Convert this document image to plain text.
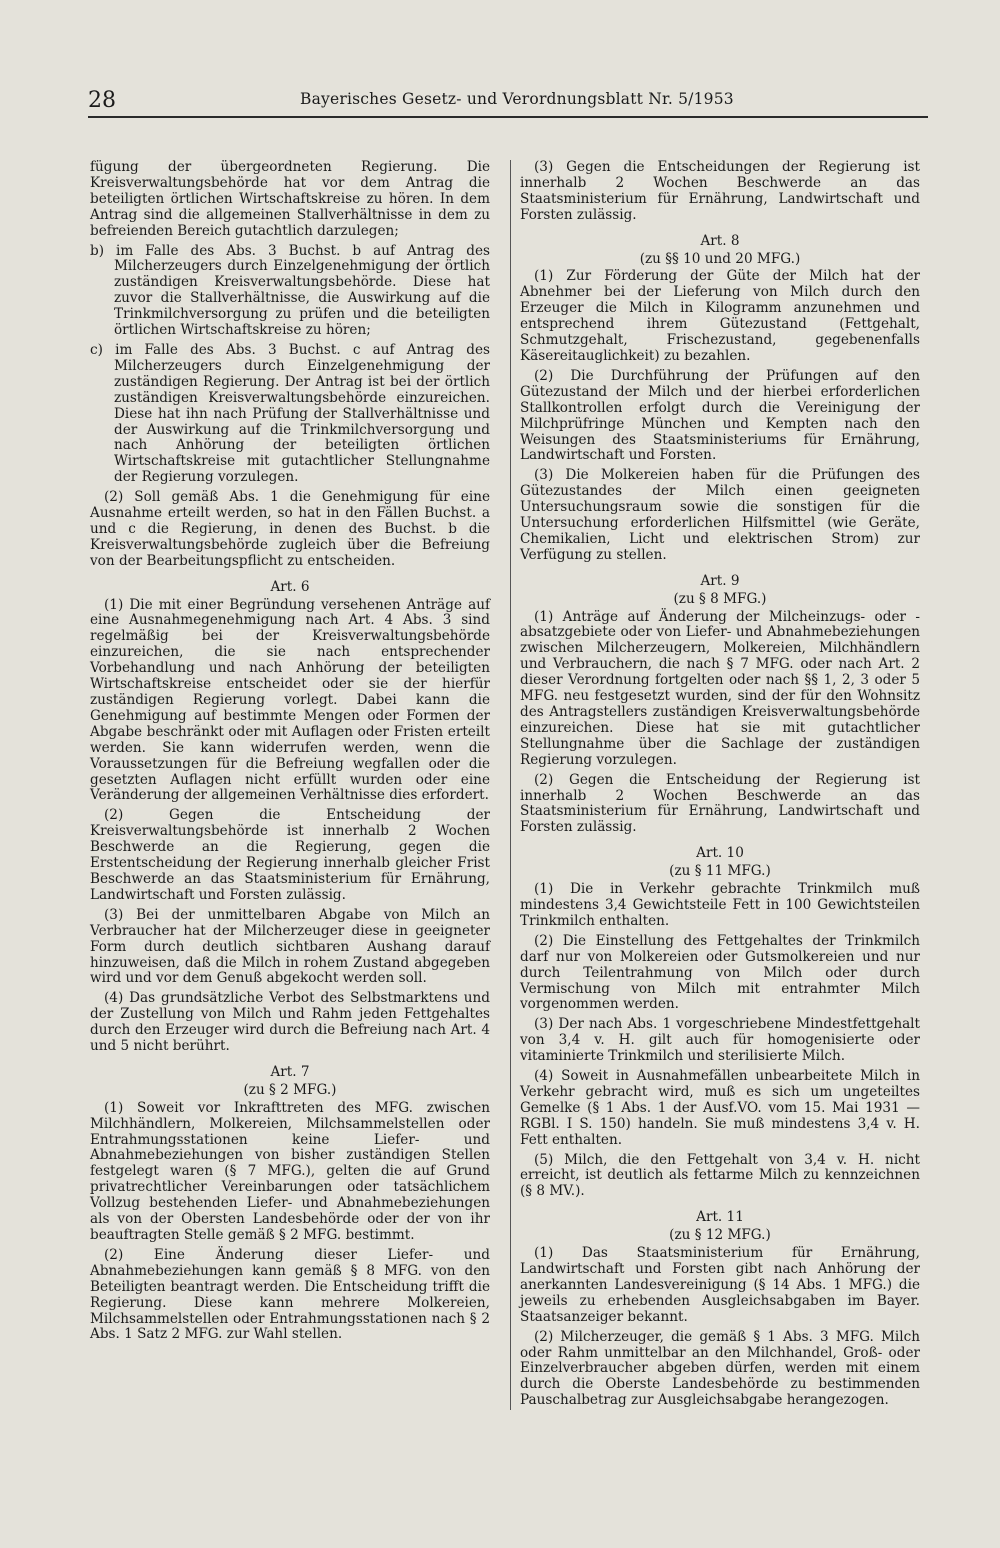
28	Bayerisches Gesetz- und Verordnungsblatt Nr. 5/1953

fügung der übergeordneten Regierung. Die Kreisverwaltungsbehörde hat vor dem Antrag die beteiligten örtlichen Wirtschaftskreise zu hören. In dem Antrag sind die allgemeinen Stallverhältnisse in dem zu befreienden Bereich gutachtlich darzulegen;

b) im Falle des Abs. 3 Buchst. b auf Antrag des Milcherzeugers durch Einzelgenehmigung der örtlich zuständigen Kreisverwaltungsbehörde. Diese hat zuvor die Stallverhältnisse, die Auswirkung auf die Trinkmilchversorgung zu prüfen und die beteiligten örtlichen Wirtschaftskreise zu hören;

c) im Falle des Abs. 3 Buchst. c auf Antrag des Milcherzeugers durch Einzelgenehmigung der zuständigen Regierung. Der Antrag ist bei der örtlich zuständigen Kreisverwaltungsbehörde einzureichen. Diese hat ihn nach Prüfung der Stallverhältnisse und der Auswirkung auf die Trinkmilchversorgung und nach Anhörung der beteiligten örtlichen Wirtschaftskreise mit gutachtlicher Stellungnahme der Regierung vorzulegen.

(2) Soll gemäß Abs. 1 die Genehmigung für eine Ausnahme erteilt werden, so hat in den Fällen Buchst. a und c die Regierung, in denen des Buchst. b die Kreisverwaltungsbehörde zugleich über die Befreiung von der Bearbeitungspflicht zu entscheiden.

Art. 6

(1) Die mit einer Begründung versehenen Anträge auf eine Ausnahmegenehmigung nach Art. 4 Abs. 3 sind regelmäßig bei der Kreisverwaltungsbehörde einzureichen, die sie nach entsprechender Vorbehandlung und nach Anhörung der beteiligten Wirtschaftskreise entscheidet oder sie der hierfür zuständigen Regierung vorlegt. Dabei kann die Genehmigung auf bestimmte Mengen oder Formen der Abgabe beschränkt oder mit Auflagen oder Fristen erteilt werden. Sie kann widerrufen werden, wenn die Voraussetzungen für die Befreiung wegfallen oder die gesetzten Auflagen nicht erfüllt wurden oder eine Veränderung der allgemeinen Verhältnisse dies erfordert.

(2) Gegen die Entscheidung der Kreisverwaltungsbehörde ist innerhalb 2 Wochen Beschwerde an die Regierung, gegen die Erstentscheidung der Regierung innerhalb gleicher Frist Beschwerde an das Staatsministerium für Ernährung, Landwirtschaft und Forsten zulässig.

(3) Bei der unmittelbaren Abgabe von Milch an Verbraucher hat der Milcherzeuger diese in geeigneter Form durch deutlich sichtbaren Aushang darauf hinzuweisen, daß die Milch in rohem Zustand abgegeben wird und vor dem Genuß abgekocht werden soll.

(4) Das grundsätzliche Verbot des Selbstmarktens und der Zustellung von Milch und Rahm jeden Fettgehaltes durch den Erzeuger wird durch die Befreiung nach Art. 4 und 5 nicht berührt.

Art. 7
(zu § 2 MFG.)

(1) Soweit vor Inkrafttreten des MFG. zwischen Milchhändlern, Molkereien, Milchsammelstellen oder Entrahmungsstationen keine Liefer- und Abnahmebeziehungen von bisher zuständigen Stellen festgelegt waren (§ 7 MFG.), gelten die auf Grund privatrechtlicher Vereinbarungen oder tatsächlichem Vollzug bestehenden Liefer- und Abnahmebeziehungen als von der Obersten Landesbehörde oder der von ihr beauftragten Stelle gemäß § 2 MFG. bestimmt.

(2) Eine Änderung dieser Liefer- und Abnahmebeziehungen kann gemäß § 8 MFG. von den Beteiligten beantragt werden. Die Entscheidung trifft die Regierung. Diese kann mehrere Molkereien, Milchsammelstellen oder Entrahmungsstationen nach § 2 Abs. 1 Satz 2 MFG. zur Wahl stellen.

(3) Gegen die Entscheidungen der Regierung ist innerhalb 2 Wochen Beschwerde an das Staatsministerium für Ernährung, Landwirtschaft und Forsten zulässig.

Art. 8
(zu §§ 10 und 20 MFG.)

(1) Zur Förderung der Güte der Milch hat der Abnehmer bei der Lieferung von Milch durch den Erzeuger die Milch in Kilogramm anzunehmen und entsprechend ihrem Gütezustand (Fettgehalt, Schmutzgehalt, Frischezustand, gegebenenfalls Käsereitauglichkeit) zu bezahlen.

(2) Die Durchführung der Prüfungen auf den Gütezustand der Milch und der hierbei erforderlichen Stallkontrollen erfolgt durch die Vereinigung der Milchprüfringe München und Kempten nach den Weisungen des Staatsministeriums für Ernährung, Landwirtschaft und Forsten.

(3) Die Molkereien haben für die Prüfungen des Gütezustandes der Milch einen geeigneten Untersuchungsraum sowie die sonstigen für die Untersuchung erforderlichen Hilfsmittel (wie Geräte, Chemikalien, Licht und elektrischen Strom) zur Verfügung zu stellen.

Art. 9
(zu § 8 MFG.)

(1) Anträge auf Änderung der Milcheinzugs- oder -absatzgebiete oder von Liefer- und Abnahmebeziehungen zwischen Milcherzeugern, Molkereien, Milchhändlern und Verbrauchern, die nach § 7 MFG. oder nach Art. 2 dieser Verordnung fortgelten oder nach §§ 1, 2, 3 oder 5 MFG. neu festgesetzt wurden, sind der für den Wohnsitz des Antragstellers zuständigen Kreisverwaltungsbehörde einzureichen. Diese hat sie mit gutachtlicher Stellungnahme über die Sachlage der zuständigen Regierung vorzulegen.

(2) Gegen die Entscheidung der Regierung ist innerhalb 2 Wochen Beschwerde an das Staatsministerium für Ernährung, Landwirtschaft und Forsten zulässig.

Art. 10
(zu § 11 MFG.)

(1) Die in Verkehr gebrachte Trinkmilch muß mindestens 3,4 Gewichtsteile Fett in 100 Gewichtsteilen Trinkmilch enthalten.

(2) Die Einstellung des Fettgehaltes der Trinkmilch darf nur von Molkereien oder Gutsmolkereien und nur durch Teilentrahmung von Milch oder durch Vermischung von Milch mit entrahmter Milch vorgenommen werden.

(3) Der nach Abs. 1 vorgeschriebene Mindestfettgehalt von 3,4 v. H. gilt auch für homogenisierte oder vitaminierte Trinkmilch und sterilisierte Milch.

(4) Soweit in Ausnahmefällen unbearbeitete Milch in Verkehr gebracht wird, muß es sich um ungeteiltes Gemelke (§ 1 Abs. 1 der Ausf.VO. vom 15. Mai 1931 — RGBl. I S. 150) handeln. Sie muß mindestens 3,4 v. H. Fett enthalten.

(5) Milch, die den Fettgehalt von 3,4 v. H. nicht erreicht, ist deutlich als fettarme Milch zu kennzeichnen (§ 8 MV.).

Art. 11
(zu § 12 MFG.)

(1) Das Staatsministerium für Ernährung, Landwirtschaft und Forsten gibt nach Anhörung der anerkannten Landesvereinigung (§ 14 Abs. 1 MFG.) die jeweils zu erhebenden Ausgleichsabgaben im Bayer. Staatsanzeiger bekannt.

(2) Milcherzeuger, die gemäß § 1 Abs. 3 MFG. Milch oder Rahm unmittelbar an den Milchhandel, Groß- oder Einzelverbraucher abgeben dürfen, werden mit einem durch die Oberste Landesbehörde zu bestimmenden Pauschalbetrag zur Ausgleichsabgabe herangezogen.
